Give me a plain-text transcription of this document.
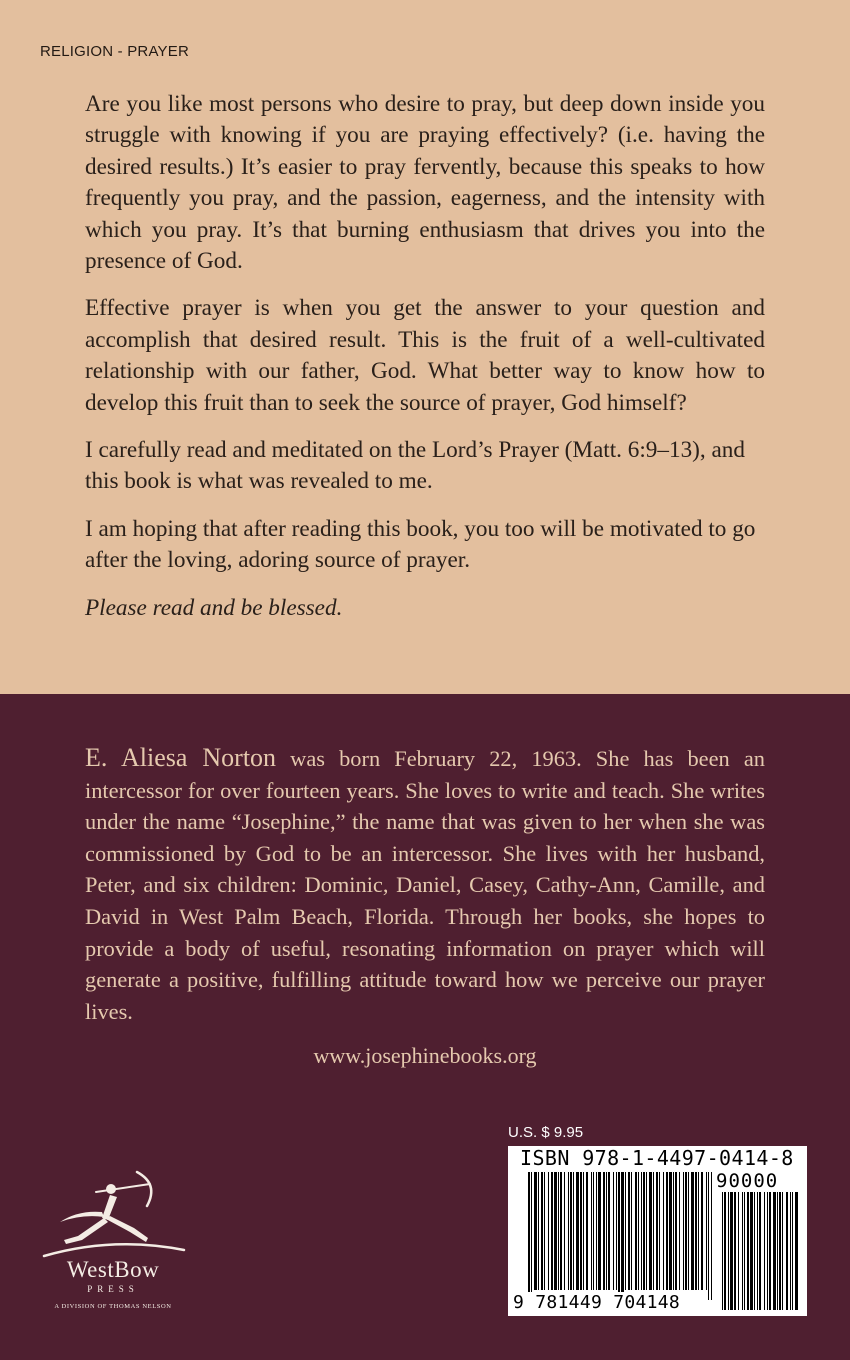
RELIGION - PRAYER

Are you like most persons who desire to pray, but deep down inside you struggle with knowing if you are praying effectively? (i.e. having the desired results.) It’s easier to pray fervently, because this speaks to how frequently you pray, and the passion, eagerness, and the intensity with which you pray. It’s that burning enthusiasm that drives you into the presence of God.

Effective prayer is when you get the answer to your question and accomplish that desired result. This is the fruit of a well-cultivated relationship with our father, God. What better way to know how to develop this fruit than to seek the source of prayer, God himself?

I carefully read and meditated on the Lord’s Prayer (Matt. 6:9–13), and this book is what was revealed to me.

I am hoping that after reading this book, you too will be motivated to go after the loving, adoring source of prayer.

Please read and be blessed.

E. Aliesa Norton was born February 22, 1963. She has been an intercessor for over fourteen years. She loves to write and teach. She writes under the name “Josephine,” the name that was given to her when she was commissioned by God to be an intercessor. She lives with her husband, Peter, and six children: Dominic, Daniel, Casey, Cathy-Ann, Camille, and David in West Palm Beach, Florida. Through her books, she hopes to provide a body of useful, resonating information on prayer which will generate a positive, fulfilling attitude toward how we perceive our prayer lives.

www.josephinebooks.org
U.S. $ 9.95
ISBN 978-1-4497-0414-8
90000
9 781449 704148
WestBow
PRESS
A DIVISION OF THOMAS NELSON
